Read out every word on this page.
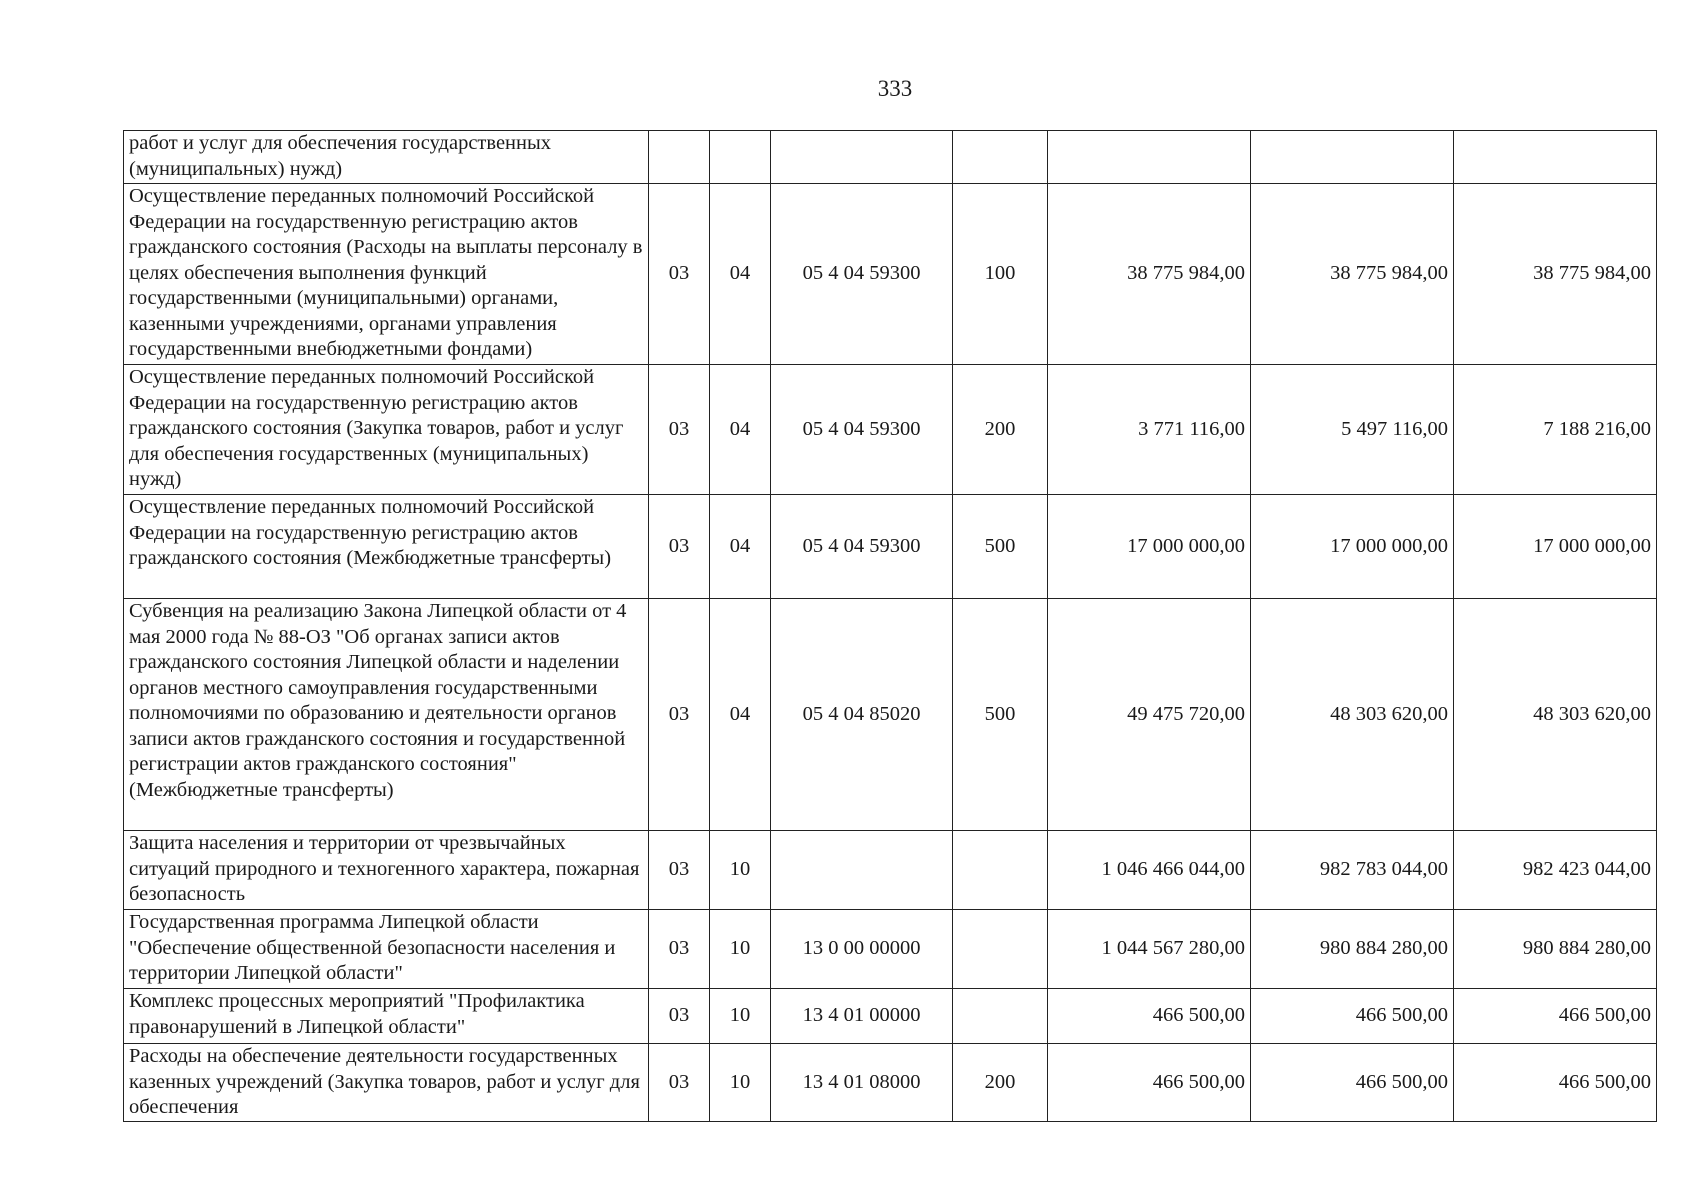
333
работ и услуг для обеспечения государственных (муниципальных) нужд)							
Осуществление переданных полномочий Российской Федерации на государственную регистрацию актов гражданского состояния (Расходы на выплаты персоналу в целях обеспечения выполнения функций государственными (муниципальными) органами, казенными учреждениями, органами управления государственными внебюджетными фондами)	03	04	05 4 04 59300	100	38 775 984,00	38 775 984,00	38 775 984,00
Осуществление переданных полномочий Российской Федерации на государственную регистрацию актов гражданского состояния (Закупка товаров, работ и услуг для обеспечения государственных (муниципальных) нужд)	03	04	05 4 04 59300	200	3 771 116,00	5 497 116,00	7 188 216,00
Осуществление переданных полномочий Российской Федерации на государственную регистрацию актов гражданского состояния (Межбюджетные трансферты)	03	04	05 4 04 59300	500	17 000 000,00	17 000 000,00	17 000 000,00
Субвенция на реализацию Закона Липецкой области от 4 мая 2000 года № 88-ОЗ "Об органах записи актов гражданского состояния Липецкой области и наделении органов местного самоуправления государственными полномочиями по образованию и деятельности органов записи актов гражданского состояния и государственной регистрации актов гражданского состояния" (Межбюджетные трансферты)	03	04	05 4 04 85020	500	49 475 720,00	48 303 620,00	48 303 620,00
Защита населения и территории от чрезвычайных ситуаций природного и техногенного характера, пожарная безопасность	03	10			1 046 466 044,00	982 783 044,00	982 423 044,00
Государственная программа Липецкой области "Обеспечение общественной безопасности населения и территории Липецкой области"	03	10	13 0 00 00000		1 044 567 280,00	980 884 280,00	980 884 280,00
Комплекс процессных мероприятий "Профилактика правонарушений в Липецкой области"	03	10	13 4 01 00000		466 500,00	466 500,00	466 500,00
Расходы на обеспечение деятельности государственных казенных учреждений (Закупка товаров, работ и услуг для обеспечения	03	10	13 4 01 08000	200	466 500,00	466 500,00	466 500,00
